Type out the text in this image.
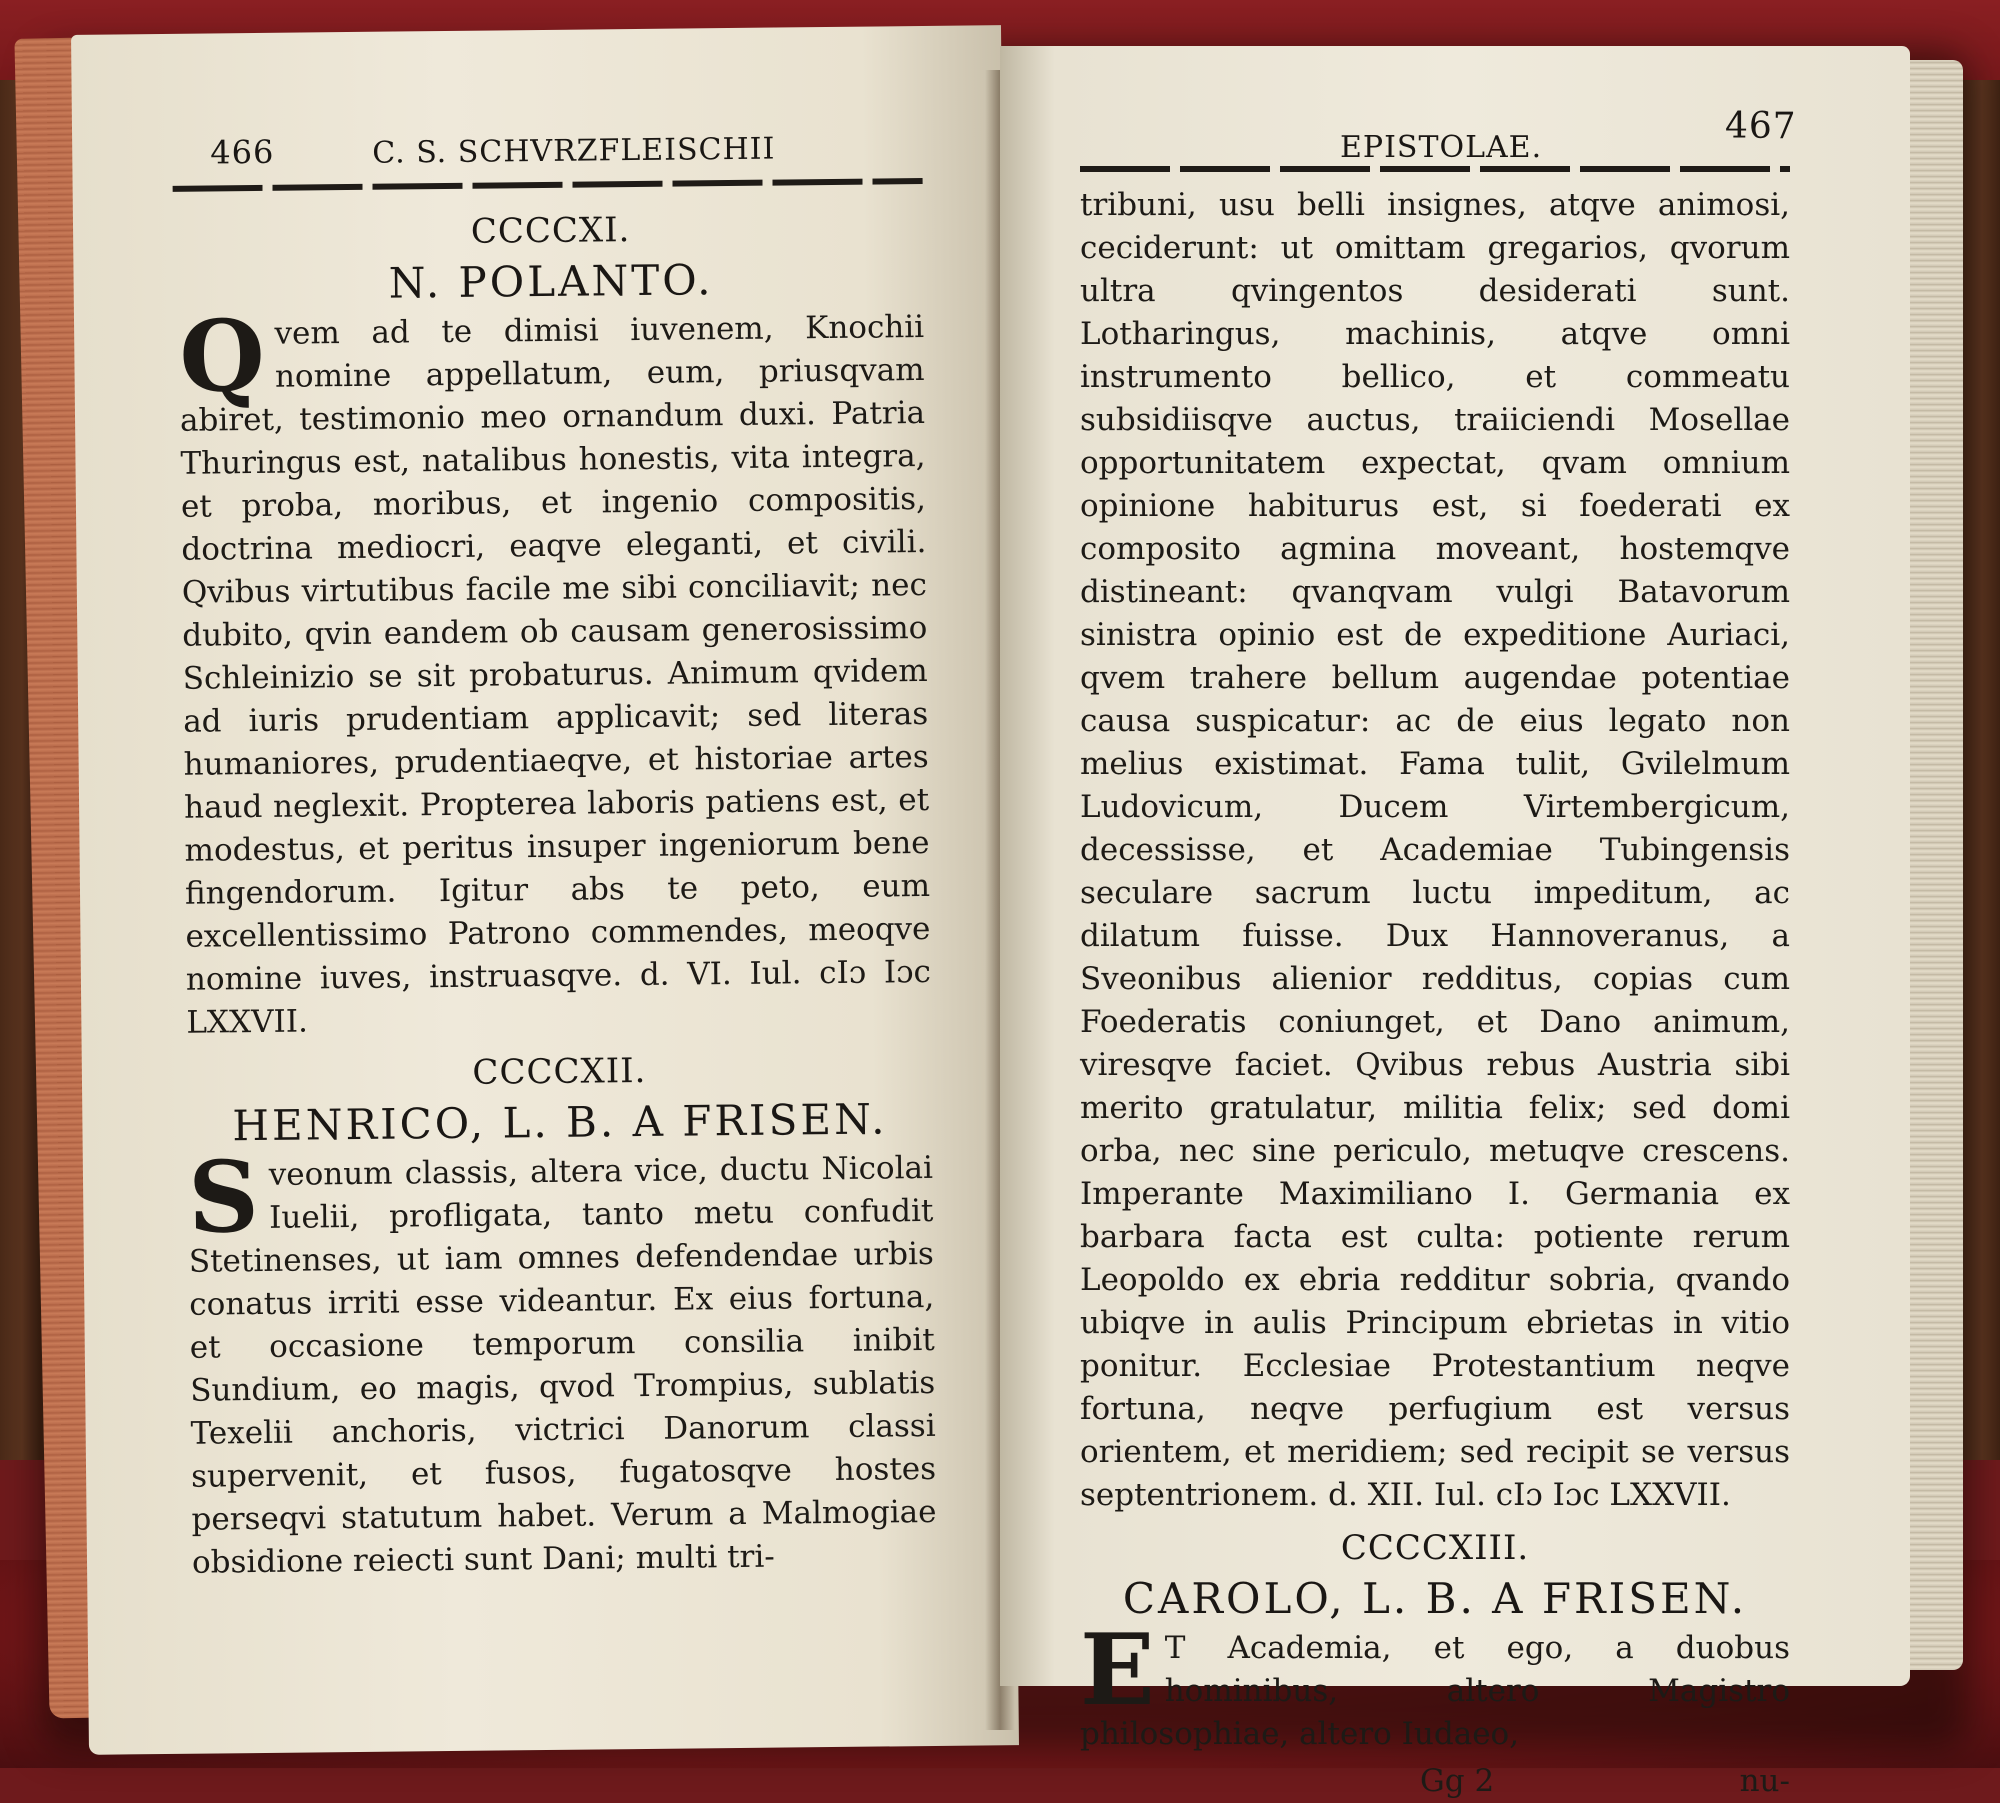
466	C. S. SCHVRZFLEISCHII
CCCCXI.
N. POLANTO.

Qvem ad te dimisi iuvenem, Knochii nomine appellatum, eum, priusqvam abiret, testimonio meo ornandum duxi. Patria Thuringus est, natalibus honestis, vita integra, et proba, moribus, et ingenio compositis, doctrina mediocri, eaqve eleganti, et civili. Qvibus virtutibus facile me sibi conciliavit; nec dubito, qvin eandem ob causam generosissimo Schleinizio se sit probaturus. Animum qvidem ad iuris prudentiam applicavit; sed literas humaniores, prudentiaeqve, et historiae artes haud neglexit. Propterea laboris patiens est, et modestus, et peritus insuper ingeniorum bene fingendorum. Igitur abs te peto, eum excellentissimo Patrono commendes, meoqve nomine iuves, instruasqve. d. VI. Iul. cIɔ Iɔc LXXVII.

CCCCXII.
HENRICO, L. B. A FRISEN.

Sveonum classis, altera vice, ductu Nicolai Iuelii, profligata, tanto metu confudit Stetinenses, ut iam omnes defendendae urbis conatus irriti esse videantur. Ex eius fortuna, et occasione temporum consilia inibit Sundium, eo magis, qvod Trompius, sublatis Texelii anchoris, victrici Danorum classi supervenit, et fusos, fugatosqve hostes perseqvi statutum habet. Verum a Malmogiae obsidione reiecti sunt Dani; multi tri-

EPISTOLAE.
467

tribuni, usu belli insignes, atqve animosi, ceciderunt: ut omittam gregarios, qvorum ultra qvingentos desiderati sunt. Lotharingus, machinis, atqve omni instrumento bellico, et commeatu subsidiisqve auctus, traiiciendi Mosellae opportunitatem expectat, qvam omnium opinione habiturus est, si foederati ex composito agmina moveant, hostemqve distineant: qvanqvam vulgi Batavorum sinistra opinio est de expeditione Auriaci, qvem trahere bellum augendae potentiae causa suspicatur: ac de eius legato non melius existimat. Fama tulit, Gvilelmum Ludovicum, Ducem Virtembergicum, decessisse, et Academiae Tubingensis seculare sacrum luctu impeditum, ac dilatum fuisse. Dux Hannoveranus, a Sveonibus alienior redditus, copias cum Foederatis coniunget, et Dano animum, viresqve faciet. Qvibus rebus Austria sibi merito gratulatur, militia felix; sed domi orba, nec sine periculo, metuqve crescens. Imperante Maximiliano I. Germania ex barbara facta est culta: potiente rerum Leopoldo ex ebria redditur sobria, qvando ubiqve in aulis Principum ebrietas in vitio ponitur. Ecclesiae Protestantium neqve fortuna, neqve perfugium est versus orientem, et meridiem; sed recipit se versus septentrionem. d. XII. Iul. cIɔ Iɔc LXXVII.

CCCCXIII.
CAROLO, L. B. A FRISEN.

E T Academia, et ego, a duobus hominibus, altero Magistro philosophiae, altero Iudaeo,

Gg 2	nu-
